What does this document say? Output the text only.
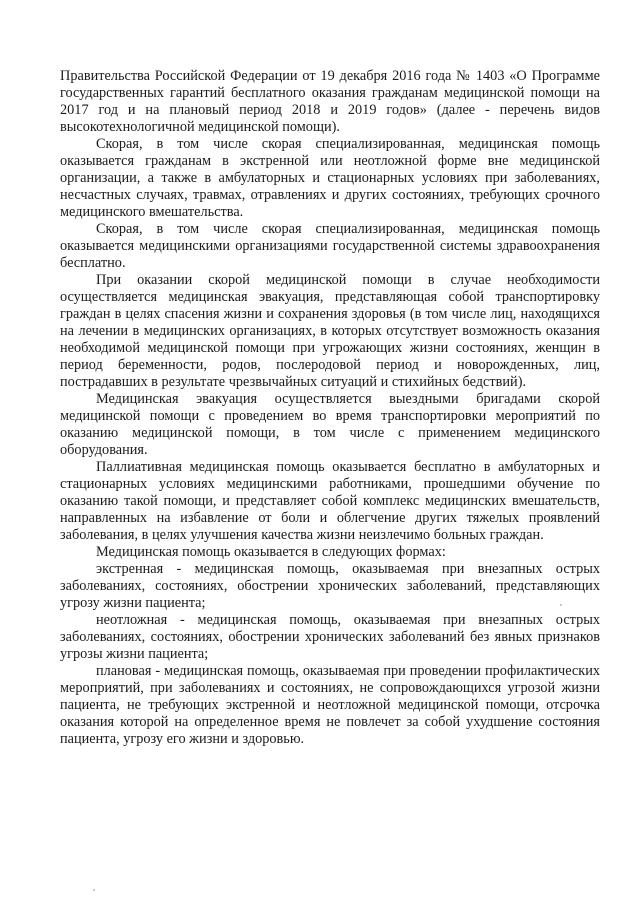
Правительства Российской Федерации от 19 декабря 2016 года № 1403 «О Программе государственных гарантий бесплатного оказания гражданам медицинской помощи на 2017 год и на плановый период 2018 и 2019 годов» (далее - перечень видов высокотехнологичной медицинской помощи).

Скорая, в том числе скорая специализированная, медицинская помощь оказывается гражданам в экстренной или неотложной форме вне медицинской организации, а также в амбулаторных и стационарных условиях при заболеваниях, несчастных случаях, травмах, отравлениях и других состояниях, требующих срочного медицинского вмешательства.

Скорая, в том числе скорая специализированная, медицинская помощь оказывается медицинскими организациями государственной системы здравоохранения бесплатно.

При оказании скорой медицинской помощи в случае необходимости осуществляется медицинская эвакуация, представляющая собой транспортировку граждан в целях спасения жизни и сохранения здоровья (в том числе лиц, находящихся на лечении в медицинских организациях, в которых отсутствует возможность оказания необходимой медицинской помощи при угрожающих жизни состояниях, женщин в период беременности, родов, послеродовой период и новорожденных, лиц, пострадавших в результате чрезвычайных ситуаций и стихийных бедствий).

Медицинская эвакуация осуществляется выездными бригадами скорой медицинской помощи с проведением во время транспортировки мероприятий по оказанию медицинской помощи, в том числе с применением медицинского оборудования.

Паллиативная медицинская помощь оказывается бесплатно в амбулаторных и стационарных условиях медицинскими работниками, прошедшими обучение по оказанию такой помощи, и представляет собой комплекс медицинских вмешательств, направленных на избавление от боли и облегчение других тяжелых проявлений заболевания, в целях улучшения качества жизни неизлечимо больных граждан.

Медицинская помощь оказывается в следующих формах:

экстренная - медицинская помощь, оказываемая при внезапных острых заболеваниях, состояниях, обострении хронических заболеваний, представляющих угрозу жизни пациента;

неотложная - медицинская помощь, оказываемая при внезапных острых заболеваниях, состояниях, обострении хронических заболеваний без явных признаков угрозы жизни пациента;

плановая - медицинская помощь, оказываемая при проведении профилактических мероприятий, при заболеваниях и состояниях, не сопровождающихся угрозой жизни пациента, не требующих экстренной и неотложной медицинской помощи, отсрочка оказания которой на определенное время не повлечет за собой ухудшение состояния пациента, угрозу его жизни и здоровью.
